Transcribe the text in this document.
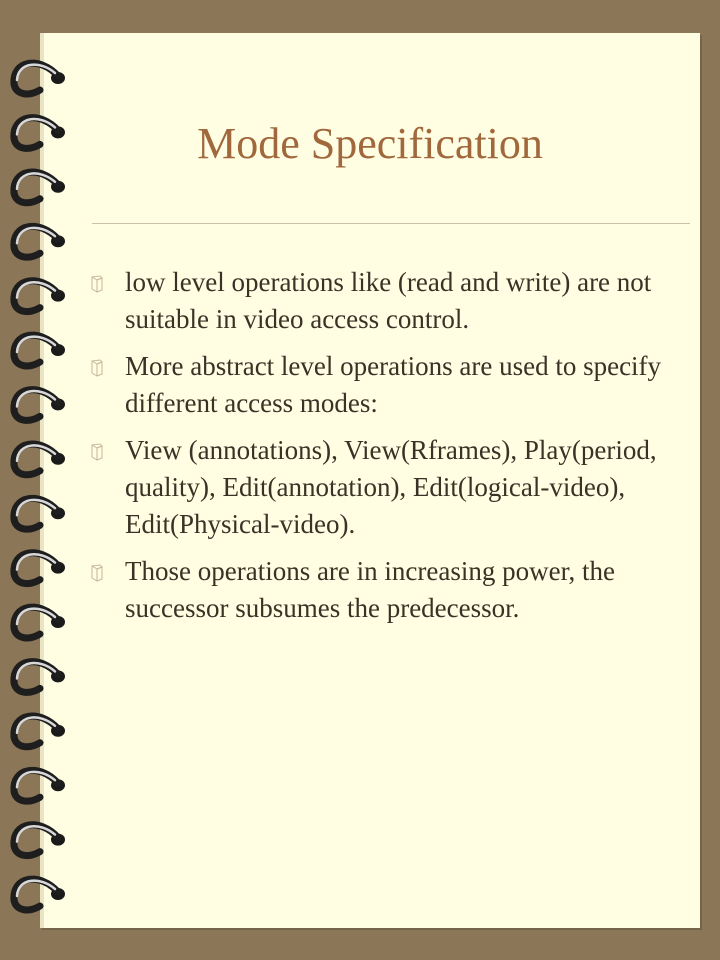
Mode Specification
low level operations like (read and write) are not suitable in video access control.
More abstract level operations are used to specify different access modes:
View (annotations), View(Rframes), Play(period, quality), Edit(annotation), Edit(logical-video), Edit(Physical-video).
Those operations are in increasing power, the successor subsumes the predecessor.
